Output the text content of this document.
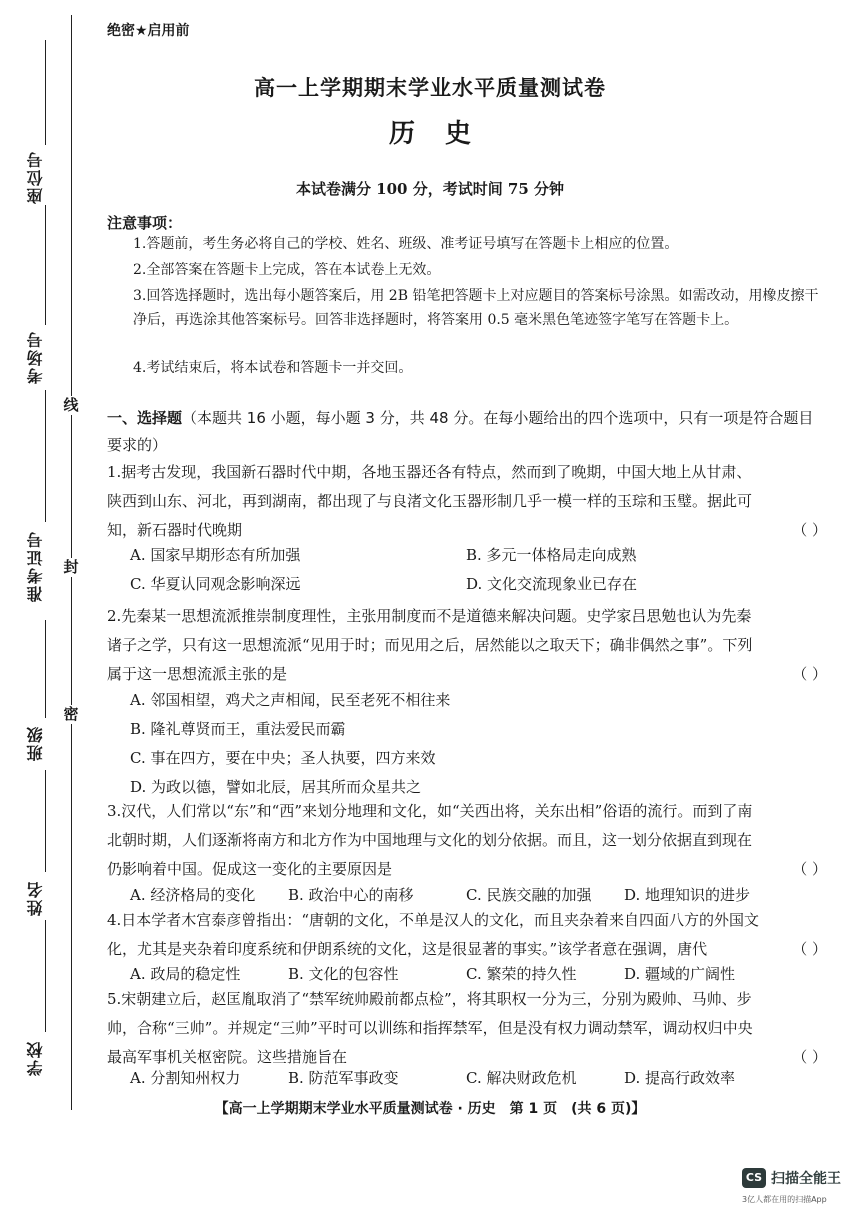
线
封
密
座位号
考场号
准考证号
班级
姓名
学校
绝密★启用前
高一上学期期末学业水平质量测试卷
历史
本试卷满分 100 分，考试时间 75 分钟
注意事项：
1.答题前，考生务必将自己的学校、姓名、班级、准考证号填写在答题卡上相应的位置。
2.全部答案在答题卡上完成，答在本试卷上无效。
3.回答选择题时，选出每小题答案后，用 2B 铅笔把答题卡上对应题目的答案标号涂黑。如需改动，用橡皮擦干净后，再选涂其他答案标号。回答非选择题时，将答案用 0.5 毫米黑色笔迹签字笔写在答题卡上。
4.考试结束后，将本试卷和答题卡一并交回。
一、选择题（本题共 16 小题，每小题 3 分，共 48 分。在每小题给出的四个选项中，只有一项是符合题目要求的）
1.据考古发现，我国新石器时代中期，各地玉器还各有特点，然而到了晚期，中国大地上从甘肃、陕西到山东、河北，再到湖南，都出现了与良渚文化玉器形制几乎一模一样的玉琮和玉璧。据此可知，新石器时代晚期	（ ）
A. 国家早期形态有所加强	B. 多元一体格局走向成熟
C. 华夏认同观念影响深远	D. 文化交流现象业已存在
2.先秦某一思想流派推崇制度理性，主张用制度而不是道德来解决问题。史学家吕思勉也认为先秦诸子之学，只有这一思想流派“见用于时；而见用之后，居然能以之取天下；确非偶然之事”。下列属于这一思想流派主张的是	（ ）
A. 邻国相望，鸡犬之声相闻，民至老死不相往来
B. 隆礼尊贤而王，重法爱民而霸
C. 事在四方，要在中央；圣人执要，四方来效
D. 为政以德，譬如北辰，居其所而众星共之
3.汉代，人们常以“东”和“西”来划分地理和文化，如“关西出将，关东出相”俗语的流行。而到了南北朝时期，人们逐渐将南方和北方作为中国地理与文化的划分依据。而且，这一划分依据直到现在仍影响着中国。促成这一变化的主要原因是	（ ）
A. 经济格局的变化 B. 政治中心的南移	C. 民族交融的加强 D. 地理知识的进步
4.日本学者木宫泰彦曾指出：“唐朝的文化，不单是汉人的文化，而且夹杂着来自四面八方的外国文化，尤其是夹杂着印度系统和伊朗系统的文化，这是很显著的事实。”该学者意在强调，唐代	（ ）
A. 政局的稳定性	B. 文化的包容性	C. 繁荣的持久性	D. 疆域的广阔性
5.宋朝建立后，赵匡胤取消了“禁军统帅殿前都点检”，将其职权一分为三，分别为殿帅、马帅、步帅，合称“三帅”。并规定“三帅”平时可以训练和指挥禁军，但是没有权力调动禁军，调动权归中央最高军事机关枢密院。这些措施旨在	（ ）
A. 分割知州权力	B. 防范军事政变	C. 解决财政危机	D. 提高行政效率
【高一上学期期末学业水平质量测试卷 · 历史　第 1 页　(共 6 页)】
CS 扫描全能王
3亿人都在用的扫描App
